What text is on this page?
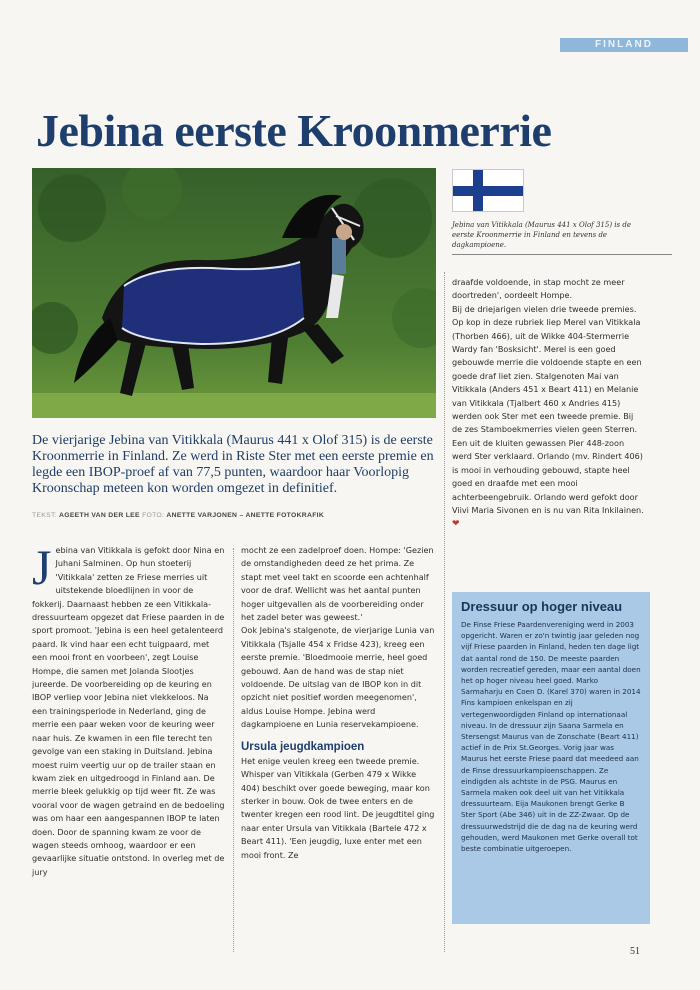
FINLAND
Jebina eerste Kroonmerrie

Jebina van Vitikkala (Maurus 441 x Olof 315) is de eerste Kroonmerrie in Finland en tevens de dagkampioene.

De vierjarige Jebina van Vitikkala (Maurus 441 x Olof 315) is de eerste Kroonmerrie in Finland. Ze werd in Riste Ster met een eerste premie en legde een IBOP-proef af van 77,5 punten, waardoor haar Voorlopig Kroonschap meteen kon worden omgezet in definitief.

TEKST: AGEETH VAN DER LEE FOTO: ANETTE VARJONEN – ANETTE FOTOKRAFIK
J ebina van Vitikkala is gefokt door Nina en Juhani Salminen. Op hun stoeterij 'Vitikkala' zetten ze Friese merries uit uitstekende bloedlijnen in voor de fokkerij. Daarnaast hebben ze een Vitikkala-dressuurteam opgezet dat Friese paarden in de sport promoot. 'Jebina is een heel getalenteerd paard. Ik vind haar een echt tuigpaard, met een mooi front en voorbeen', zegt Louise Hompe, die samen met Jolanda Slootjes jureerde. De voorbereiding op de keuring en IBOP verliep voor Jebina niet vlekkeloos. Na een trainingsperiode in Nederland, ging de merrie een paar weken voor de keuring weer naar huis. Ze kwamen in een file terecht ten gevolge van een staking in Duitsland. Jebina moest ruim veertig uur op de trailer staan en kwam ziek en uitgedroogd in Finland aan. De merrie bleek gelukkig op tijd weer fit. Ze was vooral voor de wagen getraind en de bedoeling was om haar een aangespannen IBOP te laten doen. Door de spanning kwam ze voor de wagen steeds omhoog, waardoor er een gevaarlijke situatie ontstond. In overleg met de jury

mocht ze een zadelproef doen. Hompe: 'Gezien de omstandigheden deed ze het prima. Ze stapt met veel takt en scoorde een achtenhalf voor de draf. Wellicht was het aantal punten hoger uitgevallen als de voorbereiding onder het zadel beter was geweest.'

Ook Jebina's stalgenote, de vierjarige Lunia van Vitikkala (Tsjalle 454 x Fridse 423), kreeg een eerste premie. 'Bloedmooie merrie, heel goed gebouwd. Aan de hand was de stap niet voldoende. De uitslag van de IBOP kon in dit opzicht niet positief worden meegenomen', aldus Louise Hompe. Jebina werd dagkampioene en Lunia reservekampioene.

Ursula jeugdkampioen

Het enige veulen kreeg een tweede premie. Whisper van Vitikkala (Gerben 479 x Wikke 404) beschikt over goede beweging, maar kon sterker in bouw. Ook de twee enters en de twenter kregen een rood lint. De jeugdtitel ging naar enter Ursula van Vitikkala (Bartele 472 x Beart 411). 'Een jeugdig, luxe enter met een mooi front. Ze

draafde voldoende, in stap mocht ze meer doortreden', oordeelt Hompe.

Bij de driejarigen vielen drie tweede premies. Op kop in deze rubriek liep Merel van Vitikkala (Thorben 466), uit de Wikke 404-Stermerrie Wardy fan 'Bosksicht'. Merel is een goed gebouwde merrie die voldoende stapte en een goede draf liet zien. Stalgenoten Mai van Vitikkala (Anders 451 x Beart 411) en Melanie van Vitikkala (Tjalbert 460 x Andries 415) werden ook Ster met een tweede premie. Bij de zes Stamboekmerries vielen geen Sterren. Een uit de kluiten gewassen Pier 448-zoon werd Ster verklaard. Orlando (mv. Rindert 406) is mooi in verhouding gebouwd, stapte heel goed en draafde met een mooi achterbeengebruik. Orlando werd gefokt door Viivi Maria Sivonen en is nu van Rita Inkilainen. ❤

Dressuur op hoger niveau

De Finse Friese Paardenvereniging werd in 2003 opgericht. Waren er zo'n twintig jaar geleden nog vijf Friese paarden in Finland, heden ten dage ligt dat aantal rond de 150. De meeste paarden worden recreatief gereden, maar een aantal doen het op hoger niveau heel goed. Marko Sarmaharju en Coen D. (Karel 370) waren in 2014 Fins kampioen enkelspan en zij vertegenwoordigden Finland op internationaal niveau. In de dressuur zijn Saana Sarmela en Stersengst Maurus van de Zonschate (Beart 411) actief in de Prix St.Georges. Vorig jaar was Maurus het eerste Friese paard dat meedeed aan de Finse dressuurkampioenschappen. Ze eindigden als achtste in de PSG. Maurus en Sarmela maken ook deel uit van het Vitikkala dressuurteam. Eija Maukonen brengt Gerke B Ster Sport (Abe 346) uit in de ZZ-Zwaar. Op de dressuurwedstrijd die de dag na de keuring werd gehouden, werd Maukonen met Gerke overall tot beste combinatie uitgeroepen.

51
